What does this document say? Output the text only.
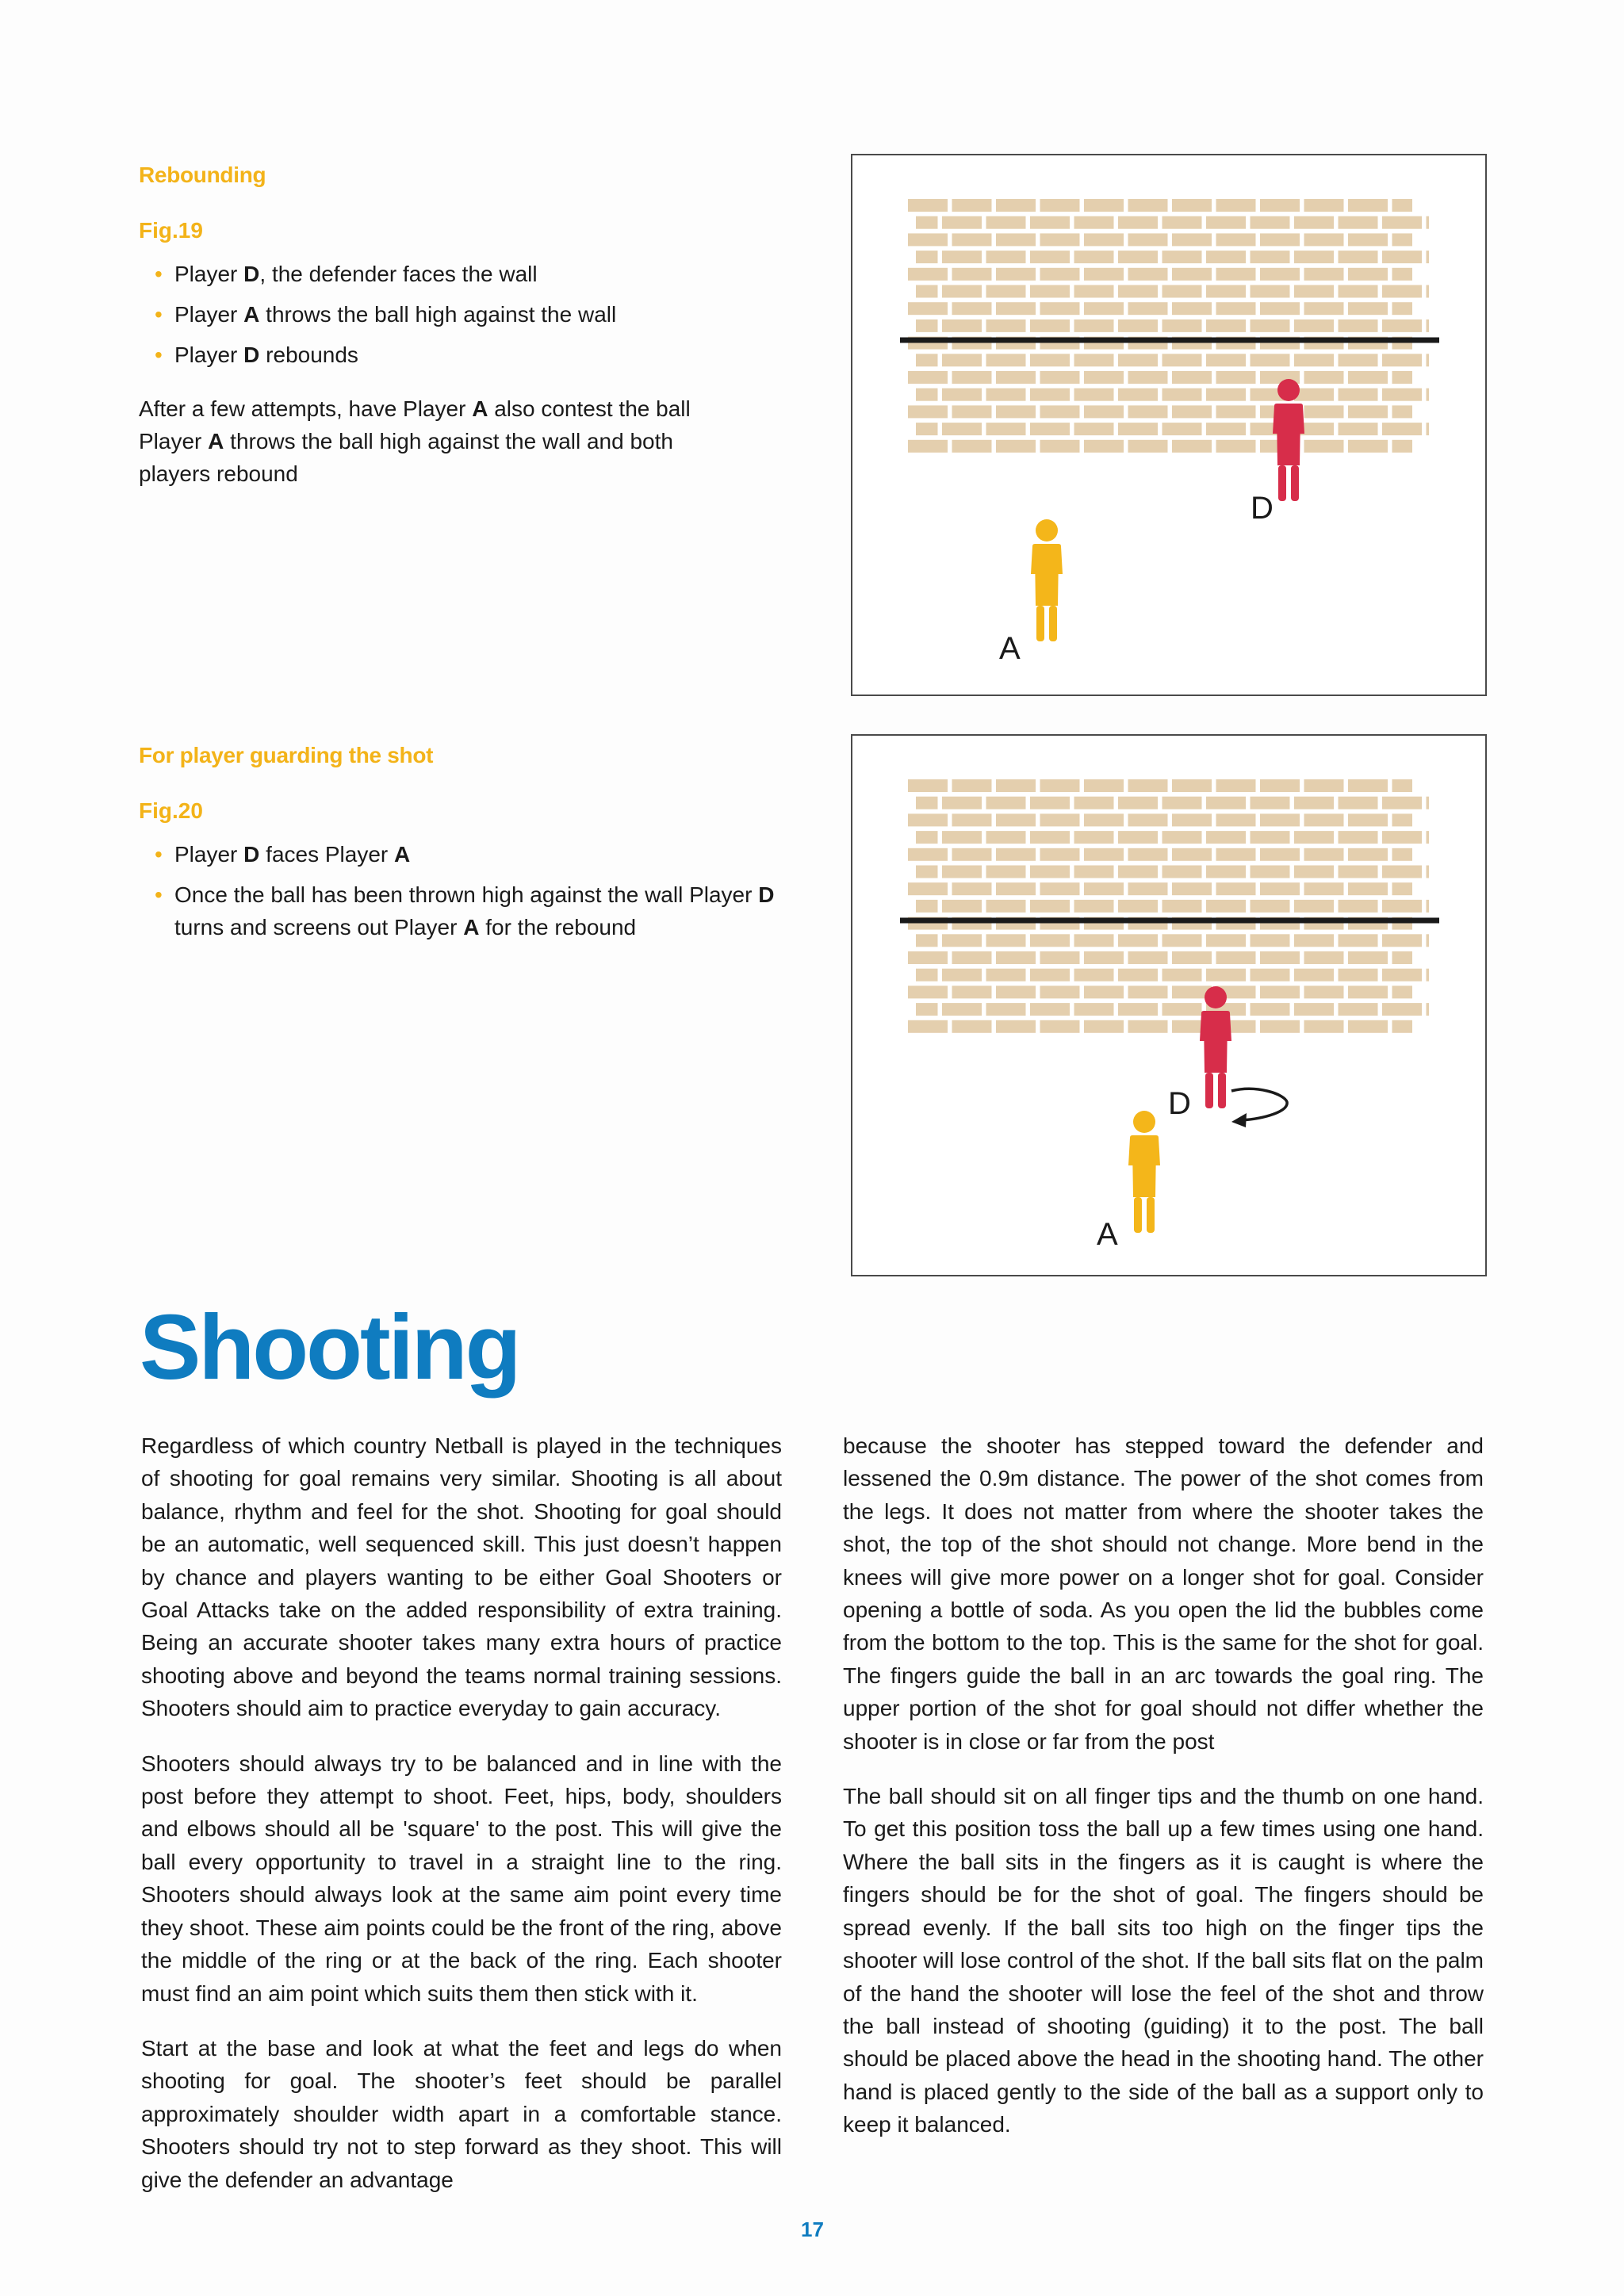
Rebounding
Fig.19
• Player D, the defender faces the wall
• Player A throws the ball high against the wall
• Player D rebounds
After a few attempts, have Player A also contest the ball
Player A throws the ball high against the wall and both
players rebound
D
A
For player guarding the shot
Fig.20
• Player D faces Player A
• Once the ball has been thrown high against the wall Player D turns and screens out Player A for the rebound
D
A
Shooting

Regardless of which country Netball is played in the techniques of shooting for goal remains very similar. Shooting is all about balance, rhythm and feel for the shot. Shooting for goal should be an automatic, well sequenced skill. This just doesn’t happen by chance and players wanting to be either Goal Shooters or Goal Attacks take on the added responsibility of extra training. Being an accurate shooter takes many extra hours of practice shooting above and beyond the teams normal training sessions. Shooters should aim to practice everyday to gain accuracy.

Shooters should always try to be balanced and in line with the post before they attempt to shoot. Feet, hips, body, shoulders and elbows should all be 'square' to the post. This will give the ball every opportunity to travel in a straight line to the ring. Shooters should always look at the same aim point every time they shoot. These aim points could be the front of the ring, above the middle of the ring or at the back of the ring. Each shooter must find an aim point which suits them then stick with it.

Start at the base and look at what the feet and legs do when shooting for goal. The shooter’s feet should be parallel approximately shoulder width apart in a comfortable stance. Shooters should try not to step forward as they shoot. This will give the defender an advantage

because the shooter has stepped toward the defender and lessened the 0.9m distance. The power of the shot comes from the legs. It does not matter from where the shooter takes the shot, the top of the shot should not change. More bend in the knees will give more power on a longer shot for goal. Consider opening a bottle of soda. As you open the lid the bubbles come from the bottom to the top. This is the same for the shot for goal. The fingers guide the ball in an arc towards the goal ring. The upper portion of the shot for goal should not differ whether the shooter is in close or far from the post

The ball should sit on all finger tips and the thumb on one hand. To get this position toss the ball up a few times using one hand. Where the ball sits in the fingers as it is caught is where the fingers should be for the shot of goal. The fingers should be spread evenly. If the ball sits too high on the finger tips the shooter will lose control of the shot. If the ball sits flat on the palm of the hand the shooter will lose the feel of the shot and throw the ball instead of shooting (guiding) it to the post. The ball should be placed above the head in the shooting hand. The other hand is placed gently to the side of the ball as a support only to keep it balanced.

17
